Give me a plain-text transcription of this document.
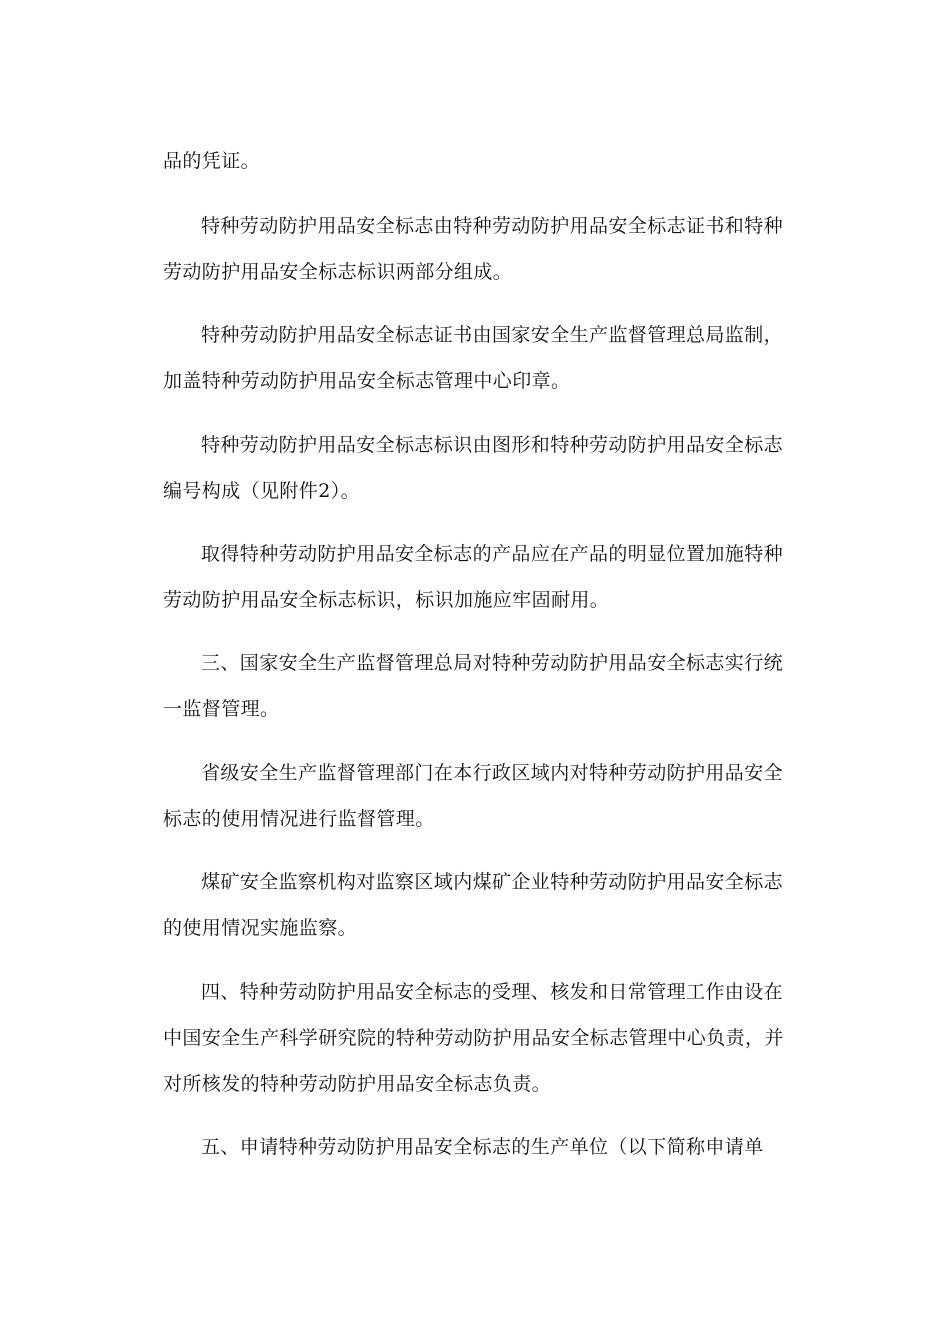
品的凭证。
特种劳动防护用品安全标志由特种劳动防护用品安全标志证书和特种
劳动防护用品安全标志标识两部分组成。
特种劳动防护用品安全标志证书由国家安全生产监督管理总局监制，
加盖特种劳动防护用品安全标志管理中心印章。
特种劳动防护用品安全标志标识由图形和特种劳动防护用品安全标志
编号构成（见附件2）。
取得特种劳动防护用品安全标志的产品应在产品的明显位置加施特种
劳动防护用品安全标志标识，标识加施应牢固耐用。
三、国家安全生产监督管理总局对特种劳动防护用品安全标志实行统
一监督管理。
省级安全生产监督管理部门在本行政区域内对特种劳动防护用品安全
标志的使用情况进行监督管理。
煤矿安全监察机构对监察区域内煤矿企业特种劳动防护用品安全标志
的使用情况实施监察。
四、特种劳动防护用品安全标志的受理、核发和日常管理工作由设在
中国安全生产科学研究院的特种劳动防护用品安全标志管理中心负责，并
对所核发的特种劳动防护用品安全标志负责。
五、申请特种劳动防护用品安全标志的生产单位（以下简称申请单
